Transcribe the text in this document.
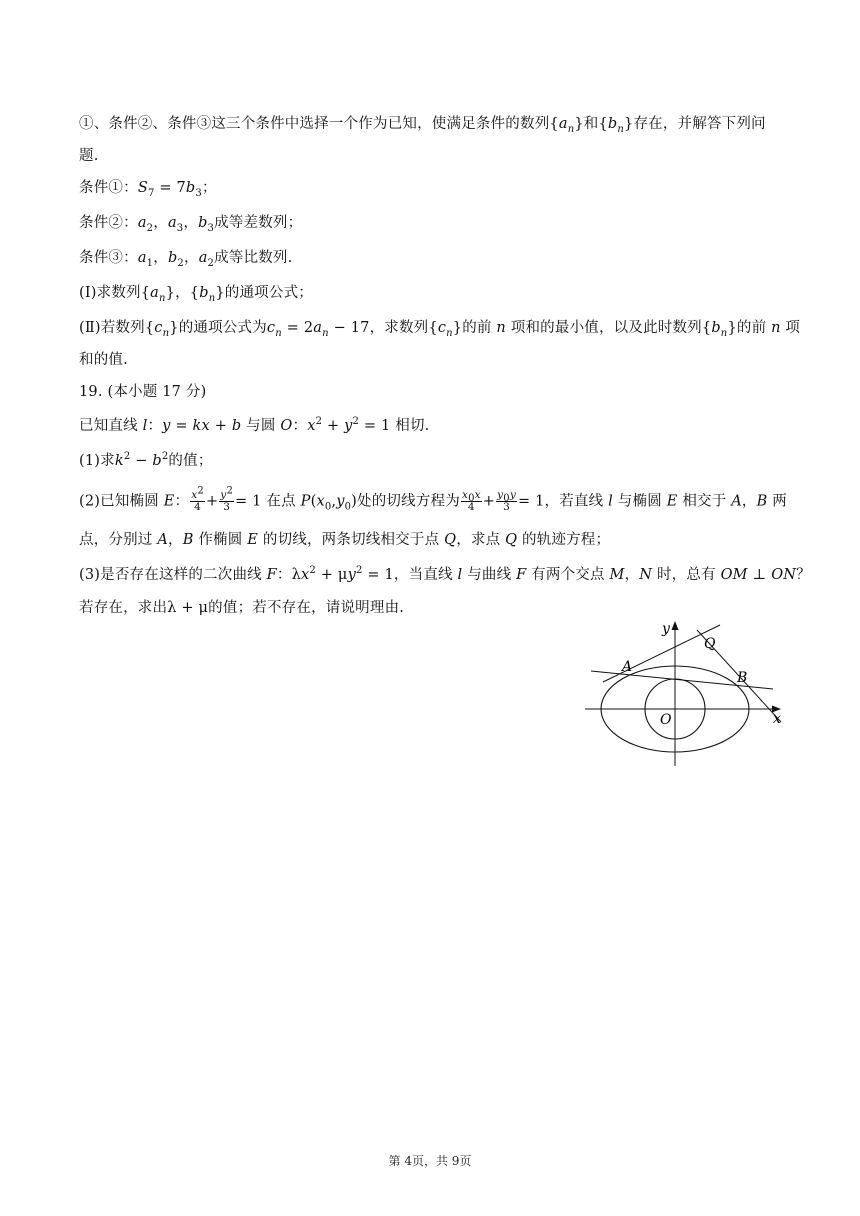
①、条件②、条件③这三个条件中选择一个作为已知，使满足条件的数列$\{a_n\}$和$\{b_n\}$存在，并解答下列问
题.
条件①：$S_7 = 7b_3$；
条件②：$a_2$，$a_3$，$b_3$成等差数列；
条件③：$a_1$，$b_2$，$a_2$成等比数列.
(Ⅰ)求数列$\{a_n\}$，$\{b_n\}$的通项公式；
(Ⅱ)若数列$\{c_n\}$的通项公式为$c_n = 2a_n - 17$，求数列$\{c_n\}$的前 n 项和的最小值，以及此时数列$\{b_n\}$的前 n 项
和的值.
19. (本小题 17 分)
已知直线 l：y = kx + b 与圆 O：$x^2 + y^2 = 1$ 相切.
(1)求$k^2 - b^2$的值；
(2)已知椭圆 E： $\frac{x^2}{4} + \frac{y^2}{3} = 1$ 在点 $P(x_0,y_0)$处的切线方程为 $\frac{x_0x}{4} + \frac{y_0y}{3} = 1$，若直线 l 与椭圆 E 相交于 A，B 两
点，分别过 A，B 作椭圆 E 的切线，两条切线相交于点 Q，求点 Q 的轨迹方程；
(3)是否存在这样的二次曲线 F：$\lambda x^2 + \mu y^2 = 1$，当直线 l 与曲线 F 有两个交点 M，N 时，总有 OM ⊥ ON？
若存在，求出λ + μ的值；若不存在，请说明理由.
y
x
O
A
B
Q
第 4页，共 9页
